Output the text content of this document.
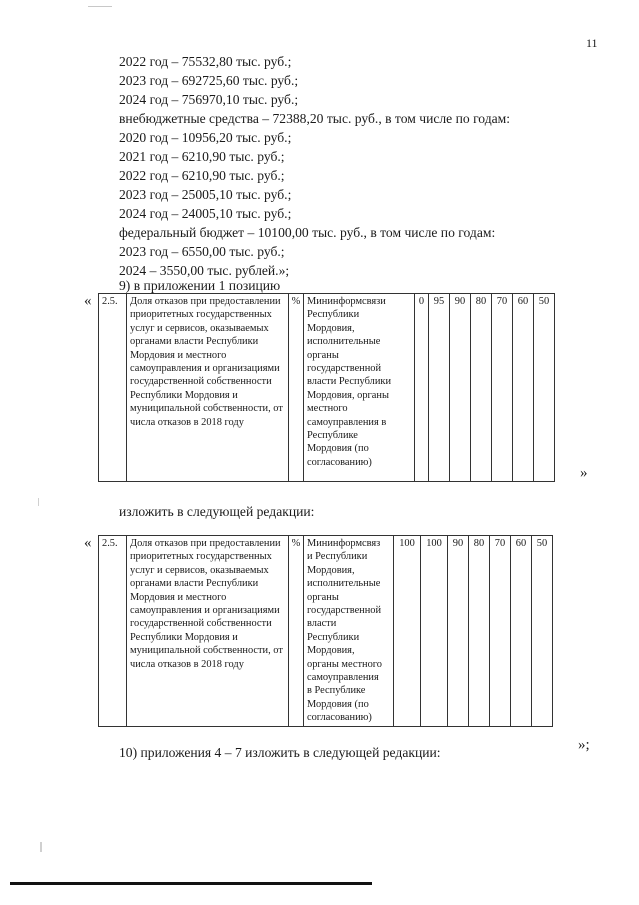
11
2022 год – 75532,80 тыс. руб.;
2023 год – 692725,60 тыс. руб.;
2024 год – 756970,10 тыс. руб.;
внебюджетные средства – 72388,20 тыс. руб., в том числе по годам:
2020 год – 10956,20 тыс. руб.;
2021 год – 6210,90 тыс. руб.;
2022 год – 6210,90 тыс. руб.;
2023 год – 25005,10 тыс. руб.;
2024 год – 24005,10 тыс. руб.;
федеральный бюджет – 10100,00 тыс. руб., в том числе по годам:
2023 год – 6550,00 тыс. руб.;
2024 – 3550,00 тыс. рублей.»;
9) в приложении 1 позицию
« 2.5.	Доля отказов при предоставлении приоритетных государственных услуг и сервисов, оказываемых органами власти Республики Мордовия и местного самоуправления и организациями государственной собственности Республики Мордовия и муниципальной собственности, от числа отказов в 2018 году	%	Мининформсвязи Республики
Мордовия,
исполнительные
органы
государственной
власти Республики
Мордовия, органы
местного
самоуправления в
Республике
Мордовия (по
согласованию)	0	95	90	80	70	60	50
»
изложить в следующей редакции:
« 2.5.	Доля отказов при предоставлении приоритетных государственных услуг и сервисов, оказываемых органами власти Республики Мордовия и местного самоуправления и организациями государственной собственности Республики Мордовия и муниципальной собственности, от числа отказов в 2018 году	%	Мининформсвяз
и Республики
Мордовия,
исполнительные
органы
государственной
власти
Республики
Мордовия,
органы местного
самоуправления
в Республике
Мордовия (по
согласованию)	100	100	90	80	70	60	50
»;
10) приложения 4 – 7 изложить в следующей редакции:
